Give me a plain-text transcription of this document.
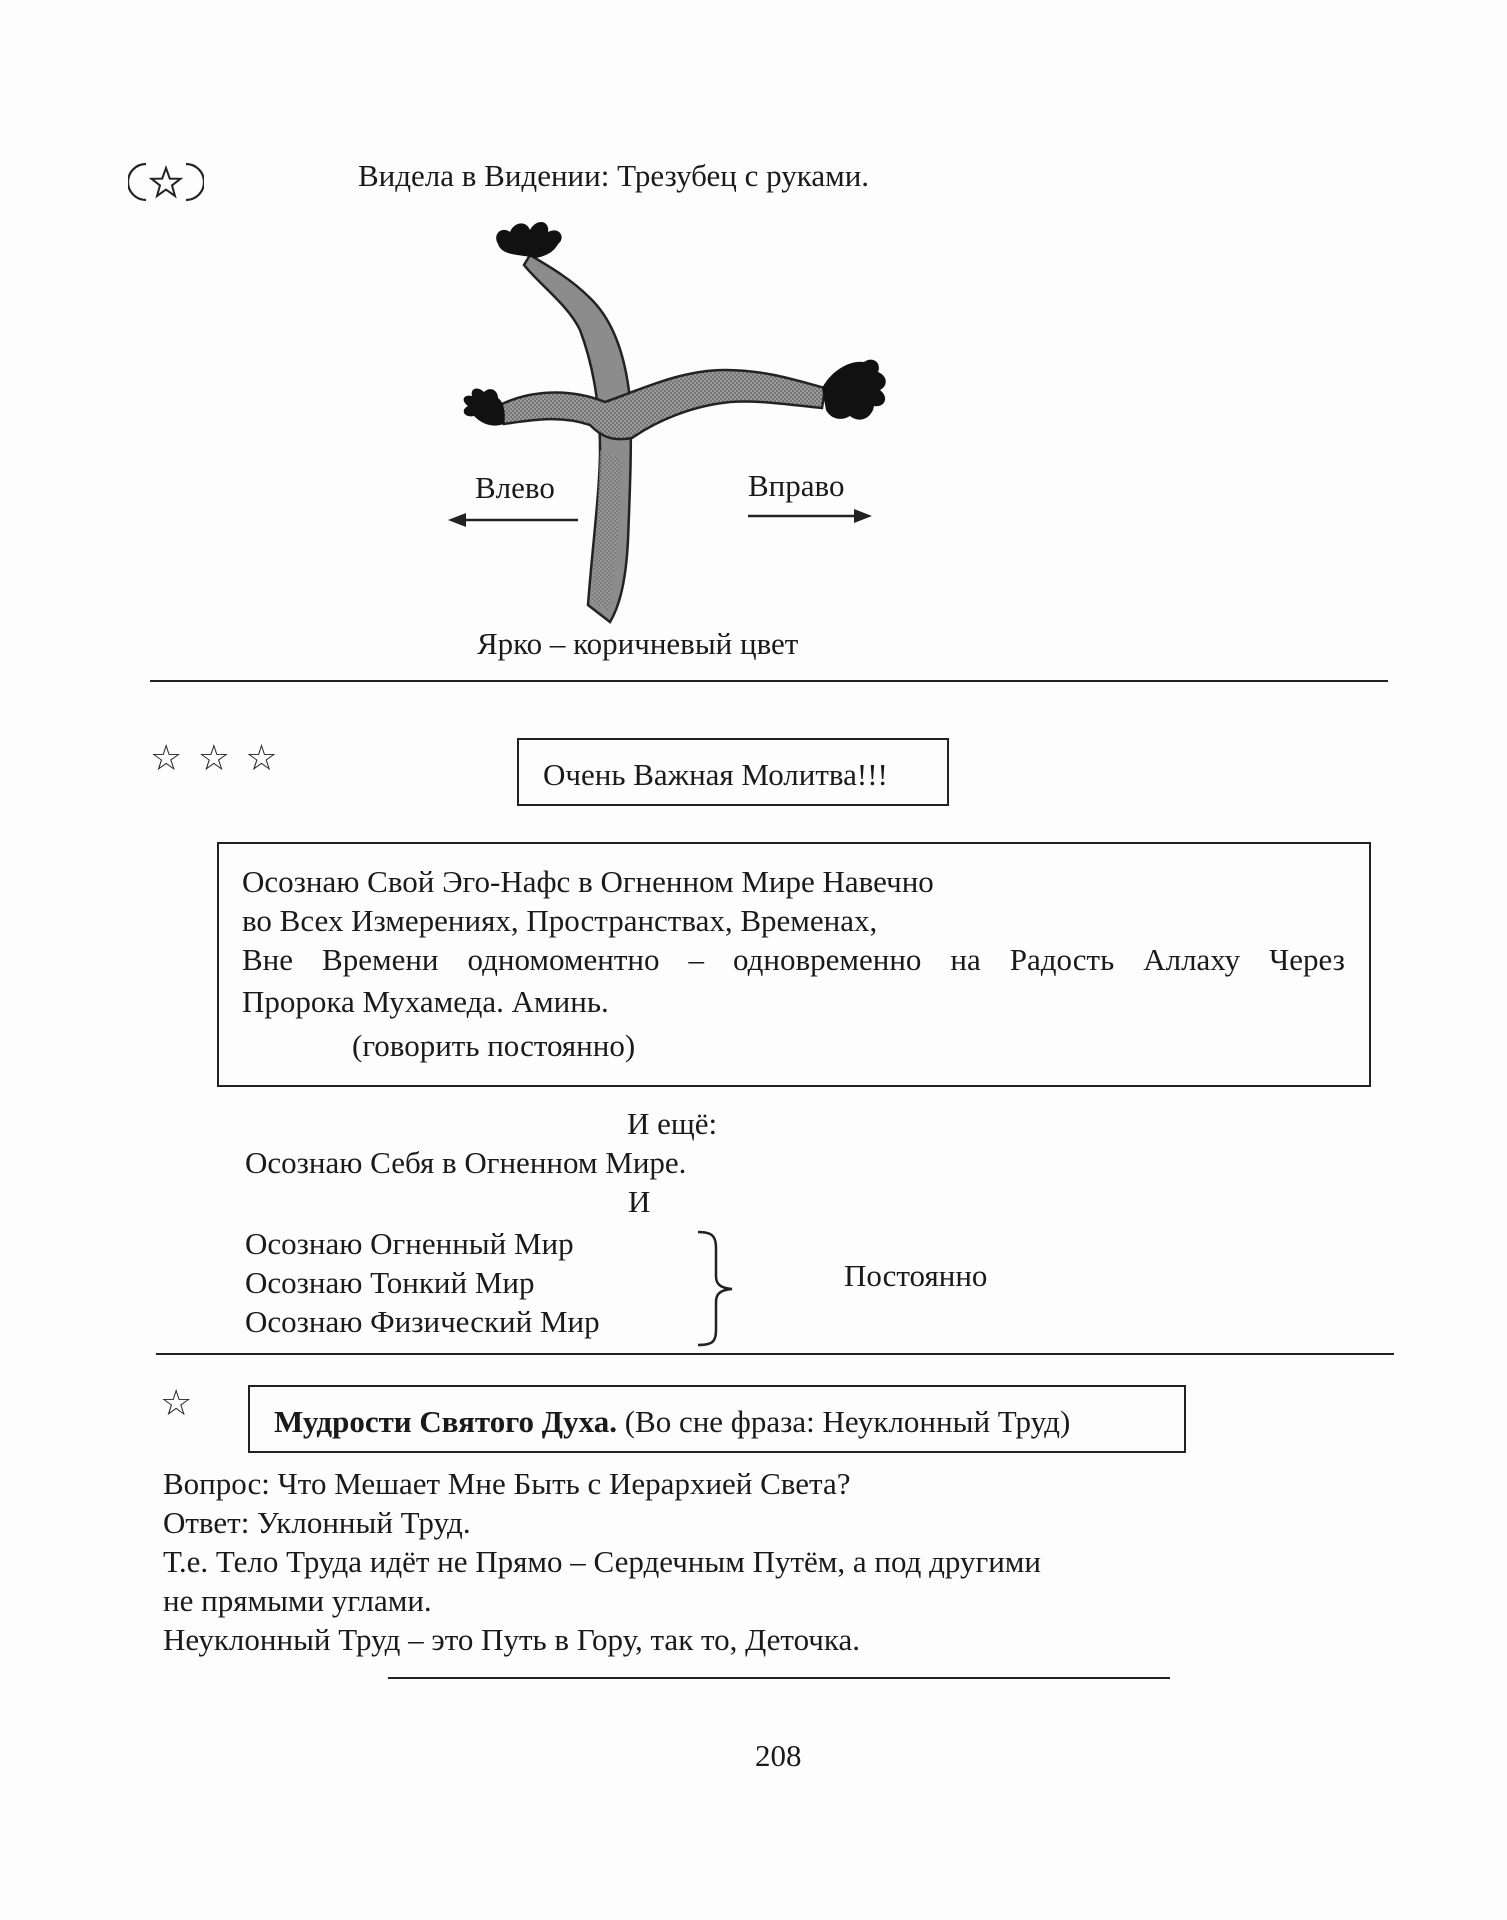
Видела в Видении: Трезубец с руками.
Влево	Вправо
Ярко – коричневый цвет
☆ ☆ ☆	Очень Важная Молитва!!!
Осознаю Свой Эго-Нафс в Огненном Мире Навечно
во Всех Измерениях, Пространствах, Временах,
Вне Времени одномоментно – одновременно на Радость Аллаху Через
Пророка Мухамеда. Аминь.
(говорить постоянно)
И ещё:
Осознаю Себя в Огненном Мире.
И
Осознаю Огненный Мир
Осознаю Тонкий Мир
Осознаю Физический Мир
Постоянно
☆	Мудрости Святого Духа. (Во сне фраза: Неуклонный Труд)
Вопрос: Что Мешает Мне Быть с Иерархией Света?
Ответ: Уклонный Труд.
Т.е. Тело Труда идёт не Прямо – Сердечным Путём, а под другими
не прямыми углами.
Неуклонный Труд – это Путь в Гору, так то, Деточка.
208
